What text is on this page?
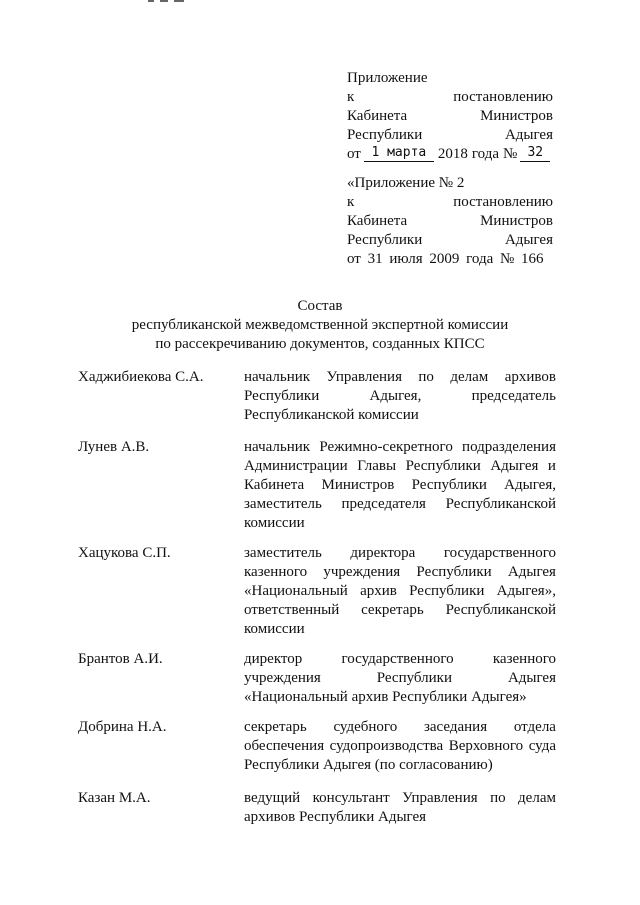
Приложение
к	постановлению
Кабинета	Министров
Республики	Адыгея
от 1 марта 2018 года № 32
«Приложение № 2
к	постановлению
Кабинета	Министров
Республики	Адыгея
от 31 июля 2009 года № 166
Состав
республиканской межведомственной экспертной комиссии
по рассекречиванию документов, созданных КПСС
Хаджибиекова С.А.	начальник Управления по делам архивов
Республики	Адыгея,	председатель
Республиканской комиссии
Лунев А.В.	начальник Режимно-секретного подразделения
Администрации Главы Республики Адыгея и
Кабинета Министров Республики Адыгея,
заместитель председателя Республиканской
комиссии
Хацукова С.П.	заместитель директора государственного
казенного учреждения Республики Адыгея
«Национальный архив Республики Адыгея»,
ответственный секретарь Республиканской
комиссии
Брантов А.И.	директор	государственного	казенного
учреждения	Республики	Адыгея
«Национальный архив Республики Адыгея»
Добрина Н.А.	секретарь судебного заседания отдела
обеспечения судопроизводства Верховного суда
Республики Адыгея (по согласованию)
Казан М.А.	ведущий консультант Управления по делам
архивов Республики Адыгея
